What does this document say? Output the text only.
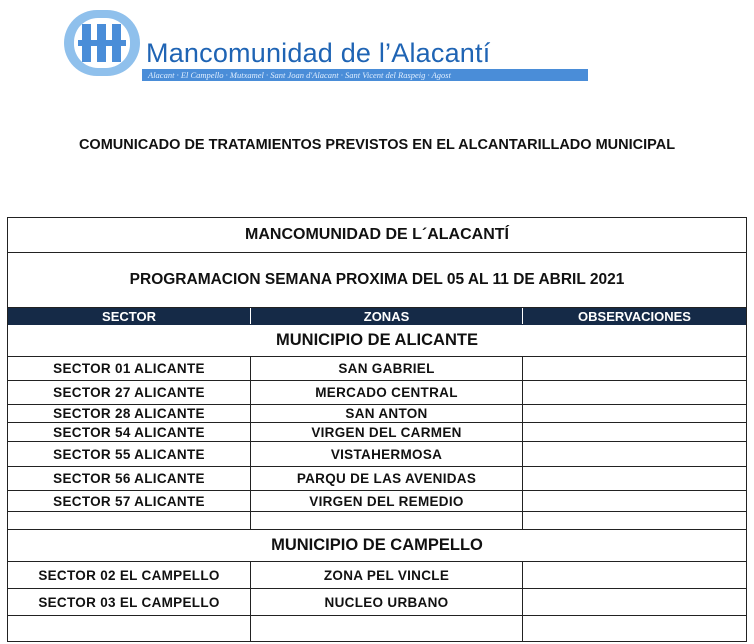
Mancomunidad de l’Alacantí
Alacant · El Campello · Mutxamel · Sant Joan d'Alacant · Sant Vicent del Raspeig · Agost
COMUNICADO DE TRATAMIENTOS PREVISTOS EN EL ALCANTARILLADO MUNICIPAL
MANCOMUNIDAD DE L´ALACANTÍ
PROGRAMACION SEMANA PROXIMA DEL 05 AL 11 DE ABRIL 2021
SECTOR	ZONAS	OBSERVACIONES
MUNICIPIO DE ALICANTE
SECTOR 01 ALICANTE	SAN GABRIEL
SECTOR 27 ALICANTE	MERCADO CENTRAL
SECTOR 28 ALICANTE	SAN ANTON
SECTOR 54 ALICANTE	VIRGEN DEL CARMEN
SECTOR 55 ALICANTE	VISTAHERMOSA
SECTOR 56 ALICANTE	PARQU DE LAS AVENIDAS
SECTOR 57 ALICANTE	VIRGEN DEL REMEDIO
MUNICIPIO DE CAMPELLO
SECTOR 02 EL CAMPELLO	ZONA PEL VINCLE
SECTOR 03 EL CAMPELLO	NUCLEO URBANO
